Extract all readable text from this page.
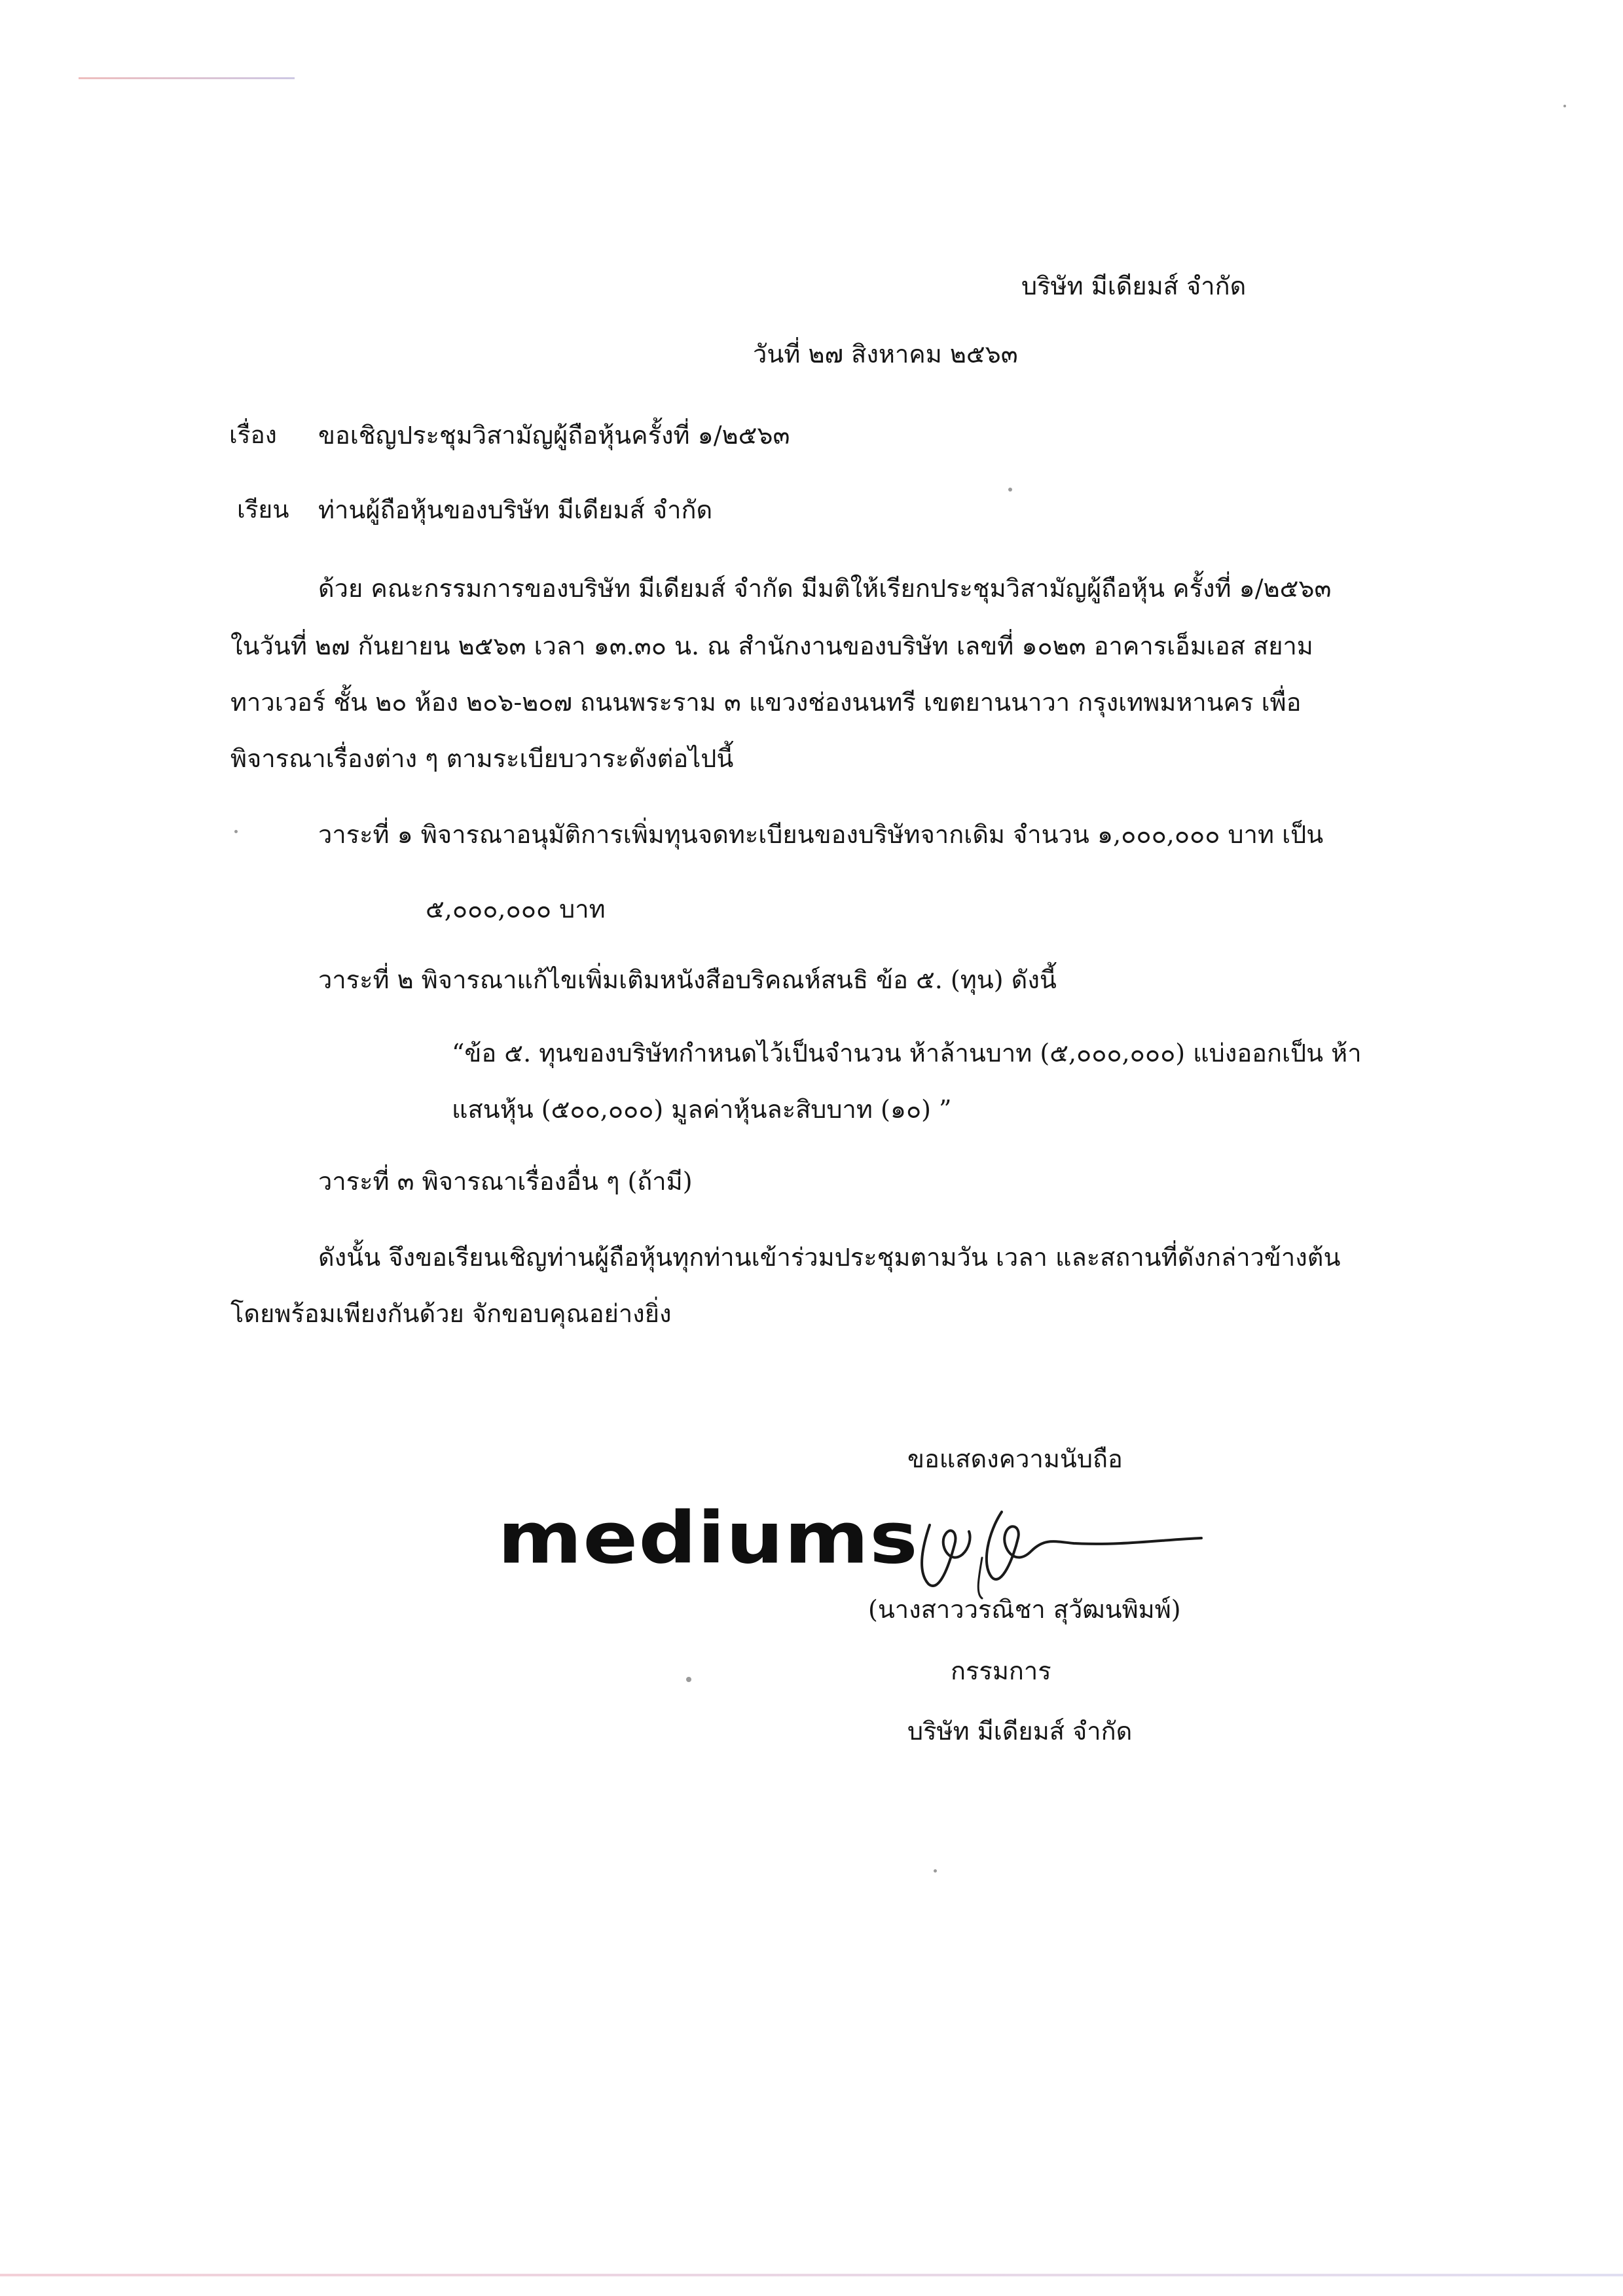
บริษัท มีเดียมส์ จำกัด
วันที่ ๒๗ สิงหาคม ๒๕๖๓
เรื่อง ขอเชิญประชุมวิสามัญผู้ถือหุ้นครั้งที่ ๑/๒๕๖๓
เรียน ท่านผู้ถือหุ้นของบริษัท มีเดียมส์ จำกัด
ด้วย คณะกรรมการของบริษัท มีเดียมส์ จำกัด มีมติให้เรียกประชุมวิสามัญผู้ถือหุ้น ครั้งที่ ๑/๒๕๖๓
ในวันที่ ๒๗ กันยายน ๒๕๖๓ เวลา ๑๓.๓๐ น. ณ สำนักงานของบริษัท เลขที่ ๑๐๒๓ อาคารเอ็มเอส สยาม
ทาวเวอร์ ชั้น ๒๐ ห้อง ๒๐๖-๒๐๗ ถนนพระราม ๓ แขวงช่องนนทรี เขตยานนาวา กรุงเทพมหานคร เพื่อ
พิจารณาเรื่องต่าง ๆ ตามระเบียบวาระดังต่อไปนี้
วาระที่ ๑ พิจารณาอนุมัติการเพิ่มทุนจดทะเบียนของบริษัทจากเดิม จำนวน ๑,๐๐๐,๐๐๐ บาท เป็น
๕,๐๐๐,๐๐๐ บาท
วาระที่ ๒ พิจารณาแก้ไขเพิ่มเติมหนังสือบริคณห์สนธิ ข้อ ๕. (ทุน) ดังนี้
“ข้อ ๕. ทุนของบริษัทกำหนดไว้เป็นจำนวน ห้าล้านบาท (๕,๐๐๐,๐๐๐) แบ่งออกเป็น ห้า
แสนหุ้น (๕๐๐,๐๐๐) มูลค่าหุ้นละสิบบาท (๑๐) ”
วาระที่ ๓ พิจารณาเรื่องอื่น ๆ (ถ้ามี)
ดังนั้น จึงขอเรียนเชิญท่านผู้ถือหุ้นทุกท่านเข้าร่วมประชุมตามวัน เวลา และสถานที่ดังกล่าวข้างต้น
โดยพร้อมเพียงกันด้วย จักขอบคุณอย่างยิ่ง
ขอแสดงความนับถือ
mediums
(นางสาววรณิชา สุวัฒนพิมพ์)
กรรมการ
บริษัท มีเดียมส์ จำกัด
